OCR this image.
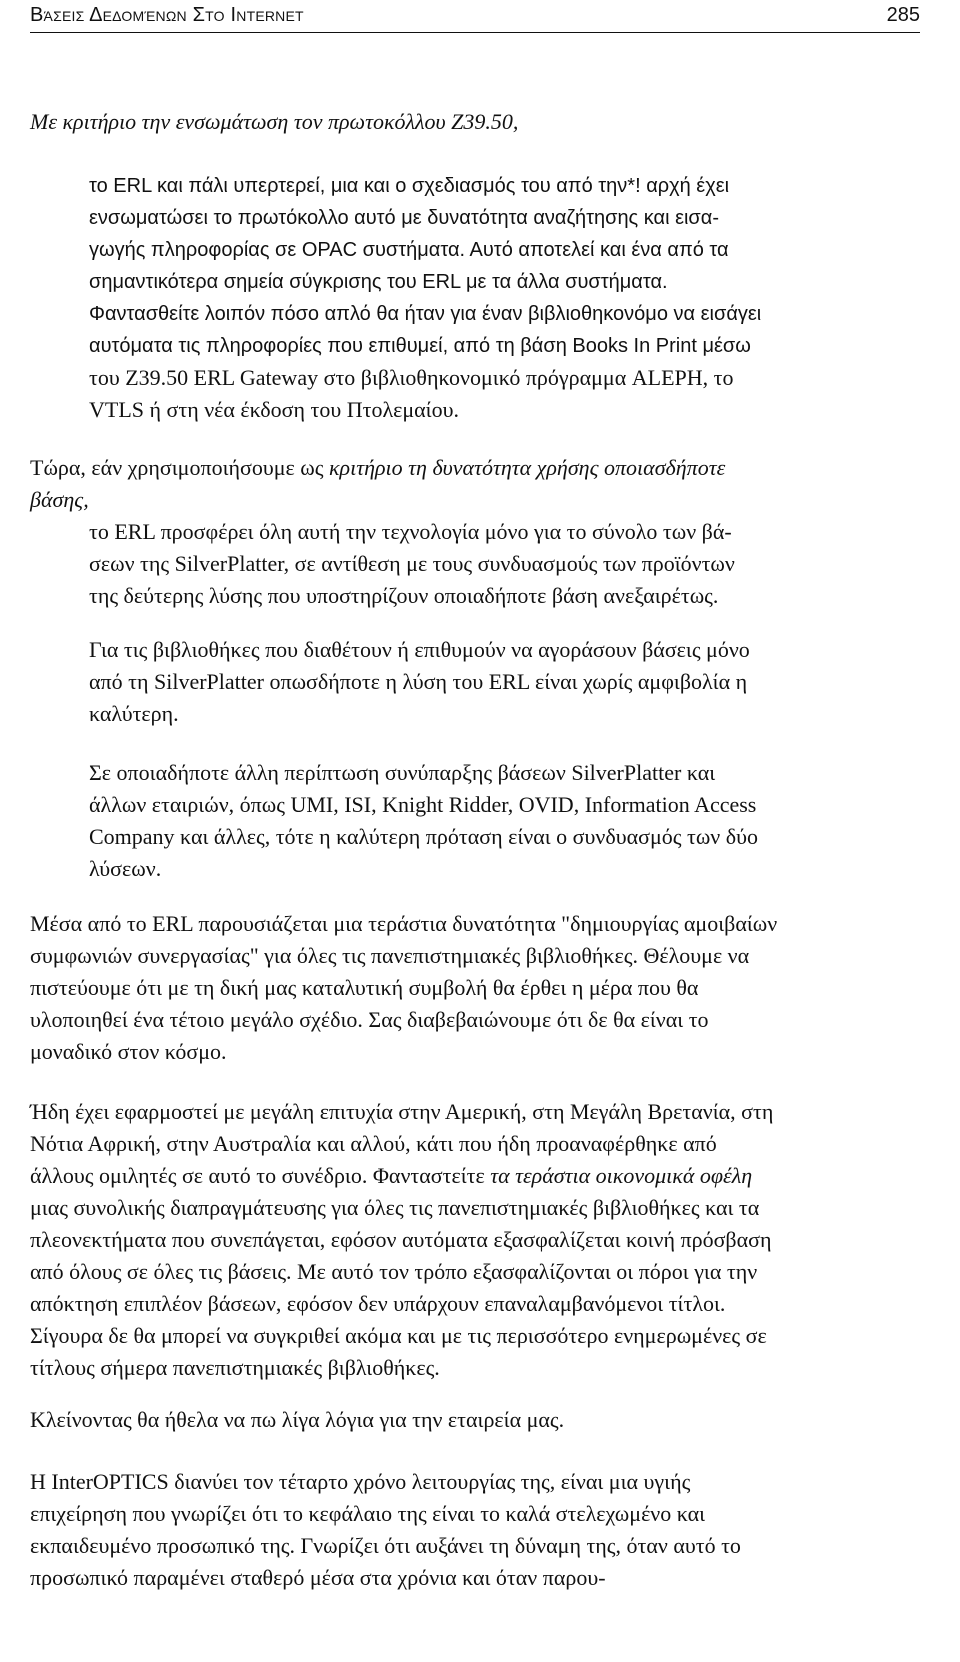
Βάσεις Δεδομένων Στο Internet	285

Με κριτήριο την ενσωμάτωση τον πρωτοκόλλου Z39.50,

το ERL και πάλι υπερτερεί, μια και ο σχεδιασμός του από την*! αρχή έχει
ενσωματώσει το πρωτόκολλο αυτό με δυνατότητα αναζήτησης και εισα-
γωγής πληροφορίας σε OPAC συστήματα. Αυτό αποτελεί και ένα από τα
σημαντικότερα σημεία σύγκρισης του ERL με τα άλλα συστήματα.
Φαντασθείτε λοιπόν πόσο απλό θα ήταν για έναν βιβλιοθηκονόμο να εισάγει
αυτόματα τις πληροφορίες που επιθυμεί, από τη βάση Books In Print μέσω

του Z39.50 ERL Gateway στο βιβλιοθηκονομικό πρόγραμμα ALEPH, το
VTLS ή στη νέα έκδοση του Πτολεμαίου.

Τώρα, εάν χρησιμοποιήσουμε ως κριτήριο τη δυνατότητα χρήσης οποιασδήποτε
βάσης,

το ERL προσφέρει όλη αυτή την τεχνολογία μόνο για το σύνολο των βά-
σεων της SilverPlatter, σε αντίθεση με τους συνδυασμούς των προϊόντων
της δεύτερης λύσης που υποστηρίζουν οποιαδήποτε βάση ανεξαιρέτως.

Για τις βιβλιοθήκες που διαθέτουν ή επιθυμούν να αγοράσουν βάσεις μόνο
από τη SilverPlatter οπωσδήποτε η λύση του ERL είναι χωρίς αμφιβολία η
καλύτερη.

Σε οποιαδήποτε άλλη περίπτωση συνύπαρξης βάσεων SilverPlatter και
άλλων εταιριών, όπως UMI, ISI, Knight Ridder, OVID, Information Access
Company και άλλες, τότε η καλύτερη πρόταση είναι ο συνδυασμός των δύο
λύσεων.

Μέσα από το ERL παρουσιάζεται μια τεράστια δυνατότητα "δημιουργίας αμοιβαίων
συμφωνιών συνεργασίας" για όλες τις πανεπιστημιακές βιβλιοθήκες. Θέλουμε να
πιστεύουμε ότι με τη δική μας καταλυτική συμβολή θα έρθει η μέρα που θα
υλοποιηθεί ένα τέτοιο μεγάλο σχέδιο. Σας διαβεβαιώνουμε ότι δε θα είναι το
μοναδικό στον κόσμο.

Ήδη έχει εφαρμοστεί με μεγάλη επιτυχία στην Αμερική, στη Μεγάλη Βρετανία, στη
Νότια Αφρική, στην Αυστραλία και αλλού, κάτι που ήδη προαναφέρθηκε από
άλλους ομιλητές σε αυτό το συνέδριο. Φανταστείτε τα τεράστια οικονομικά οφέλη
μιας συνολικής διαπραγμάτευσης για όλες τις πανεπιστημιακές βιβλιοθήκες και τα
πλεονεκτήματα που συνεπάγεται, εφόσον αυτόματα εξασφαλίζεται κοινή πρόσβαση
από όλους σε όλες τις βάσεις. Με αυτό τον τρόπο εξασφαλίζονται οι πόροι για την
απόκτηση επιπλέον βάσεων, εφόσον δεν υπάρχουν επαναλαμβανόμενοι τίτλοι.
Σίγουρα δε θα μπορεί να συγκριθεί ακόμα και με τις περισσότερο ενημερωμένες σε
τίτλους σήμερα πανεπιστημιακές βιβλιοθήκες.

Κλείνοντας θα ήθελα να πω λίγα λόγια για την εταιρεία μας.

Η InterOPTICS διανύει τον τέταρτο χρόνο λειτουργίας της, είναι μια υγιής
επιχείρηση που γνωρίζει ότι το κεφάλαιο της είναι το καλά στελεχωμένο και
εκπαιδευμένο προσωπικό της. Γνωρίζει ότι αυξάνει τη δύναμη της, όταν αυτό το
προσωπικό παραμένει σταθερό μέσα στα χρόνια και όταν παρου-
